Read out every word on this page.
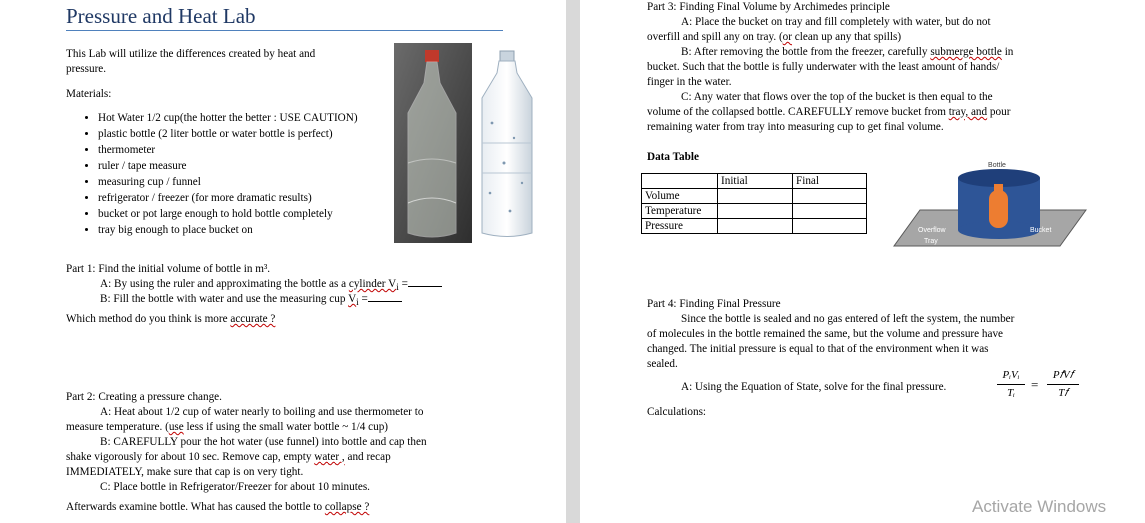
Pressure and Heat Lab
This Lab will utilize the differences created by heat and
pressure.
Materials:
• Hot Water 1/2 cup(the hotter the better : USE CAUTION)
• plastic bottle (2 liter bottle or water bottle is perfect)
• thermometer
• ruler / tape measure
• measuring cup / funnel
• refrigerator / freezer (for more dramatic results)
• bucket or pot large enough to hold bottle completely
• tray big enough to place bucket on
Part 1: Find the initial volume of bottle in m³.
A: By using the ruler and approximating the bottle as a cylinder $V_i$ =
B: Fill the bottle with water and use the measuring cup $V_i$ =
Which method do you think is more accurate ?
Part 2: Creating a pressure change.
A: Heat about 1/2 cup of water nearly to boiling and use thermometer to
measure temperature. (use less if using the small water bottle ~ 1/4 cup)
B: CAREFULLY pour the hot water (use funnel) into bottle and cap then
shake vigorously for about 10 sec. Remove cap, empty water , and recap
IMMEDIATELY, make sure that cap is on very tight.
C: Place bottle in Refrigerator/Freezer for about 10 minutes.
Afterwards examine bottle. What has caused the bottle to collapse ?
Part 3: Finding Final Volume by Archimedes principle
A: Place the bucket on tray and fill completely with water, but do not
overfill and spill any on tray. (or clean up any that spills)
B: After removing the bottle from the freezer, carefully submerge bottle in
bucket. Such that the bottle is fully underwater with the least amount of hands/
finger in the water.
C: Any water that flows over the top of the bucket is then equal to the
volume of the collapsed bottle. CAREFULLY remove bucket from tray, and pour
remaining water from tray into measuring cup to get final volume.
Data Table
	Initial	Final
Volume		
Temperature		
Pressure		
Bottle
Bucket
Overflow
Tray
Part 4: Finding Final Pressure
Since the bottle is sealed and no gas entered of left the system, the number
of molecules in the bottle remained the same, but the volume and pressure have
changed. The initial pressure is equal to that of the environment when it was
sealed.
A: Using the Equation of State, solve for the final pressure.
PᵢVᵢ
Tᵢ
=
P𝑓V𝑓
T𝑓
Calculations:
Activate Windows
